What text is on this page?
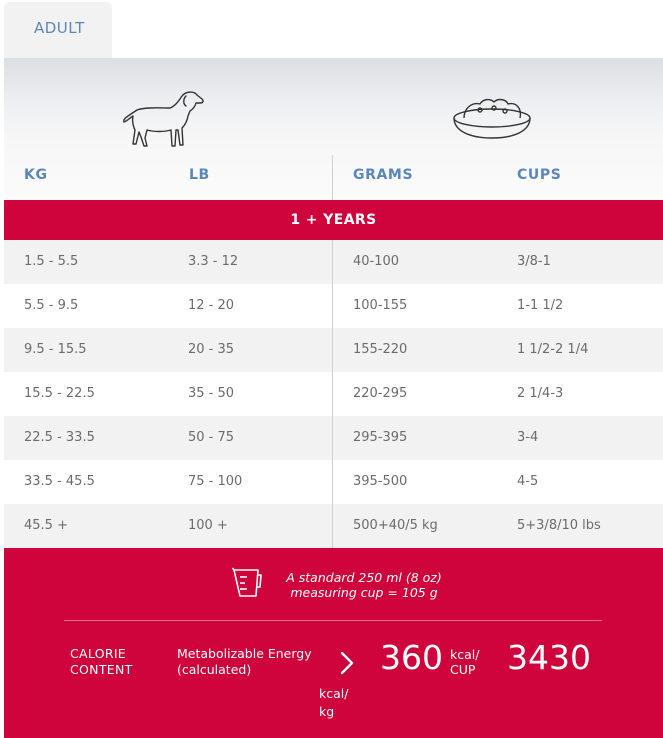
ADULT
KG	LB	GRAMS	CUPS
1 + YEARS
1.5 - 5.5	3.3 - 12	40-100	3/8-1
5.5 - 9.5	12 - 20	100-155	1-1 1/2
9.5 - 15.5	20 - 35	155-220	1 1/2-2 1/4
15.5 - 22.5	35 - 50	220-295	2 1/4-3
22.5 - 33.5	50 - 75	295-395	3-4
33.5 - 45.5	75 - 100	395-500	4-5
45.5 +	100 +	500+40/5 kg	5+3/8/10 lbs
A standard 250 ml (8 oz)
measuring cup = 105 g
CALORIE
CONTENT
Metabolizable Energy
(calculated)
kcal/
kg
360 kcal/
CUP 3430
